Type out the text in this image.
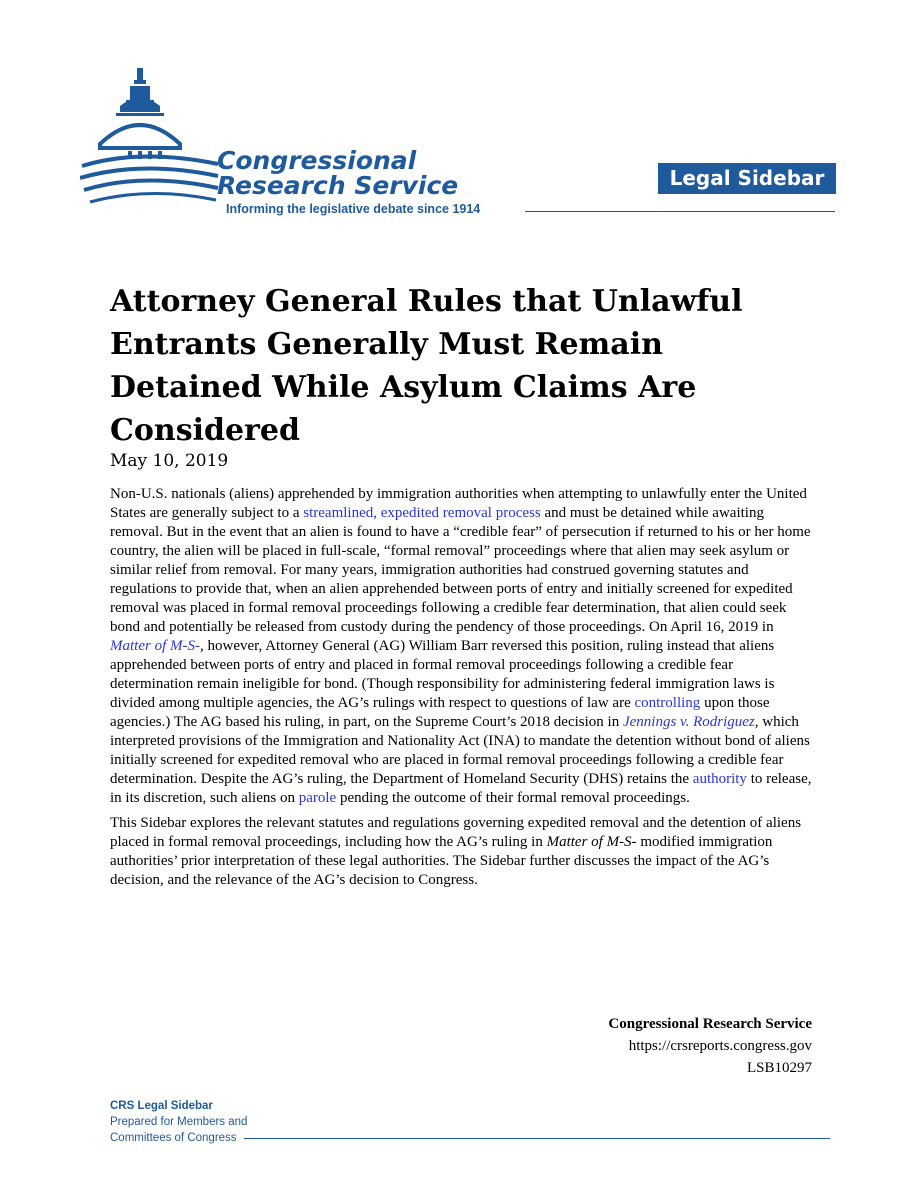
Congressional
Research Service
Informing the legislative debate since 1914
Legal Sidebar
Attorney General Rules that Unlawful Entrants Generally Must Remain Detained While Asylum Claims Are Considered
May 10, 2019

Non-U.S. nationals (aliens) apprehended by immigration authorities when attempting to unlawfully enter the United States are generally subject to a streamlined, expedited removal process and must be detained while awaiting removal. But in the event that an alien is found to have a “credible fear” of persecution if returned to his or her home country, the alien will be placed in full-scale, “formal removal” proceedings where that alien may seek asylum or similar relief from removal. For many years, immigration authorities had construed governing statutes and regulations to provide that, when an alien apprehended between ports of entry and initially screened for expedited removal was placed in formal removal proceedings following a credible fear determination, that alien could seek bond and potentially be released from custody during the pendency of those proceedings. On April 16, 2019 in Matter of M-S-, however, Attorney General (AG) William Barr reversed this position, ruling instead that aliens apprehended between ports of entry and placed in formal removal proceedings following a credible fear determination remain ineligible for bond. (Though responsibility for administering federal immigration laws is divided among multiple agencies, the AG’s rulings with respect to questions of law are controlling upon those agencies.) The AG based his ruling, in part, on the Supreme Court’s 2018 decision in Jennings v. Rodriguez, which interpreted provisions of the Immigration and Nationality Act (INA) to mandate the detention without bond of aliens initially screened for expedited removal who are placed in formal removal proceedings following a credible fear determination. Despite the AG’s ruling, the Department of Homeland Security (DHS) retains the authority to release, in its discretion, such aliens on parole pending the outcome of their formal removal proceedings.

This Sidebar explores the relevant statutes and regulations governing expedited removal and the detention of aliens placed in formal removal proceedings, including how the AG’s ruling in Matter of M-S- modified immigration authorities’ prior interpretation of these legal authorities. The Sidebar further discusses the impact of the AG’s decision, and the relevance of the AG’s decision to Congress.

Congressional Research Service
https://crsreports.congress.gov
LSB10297
CRS Legal Sidebar
Prepared for Members and
Committees of Congress
